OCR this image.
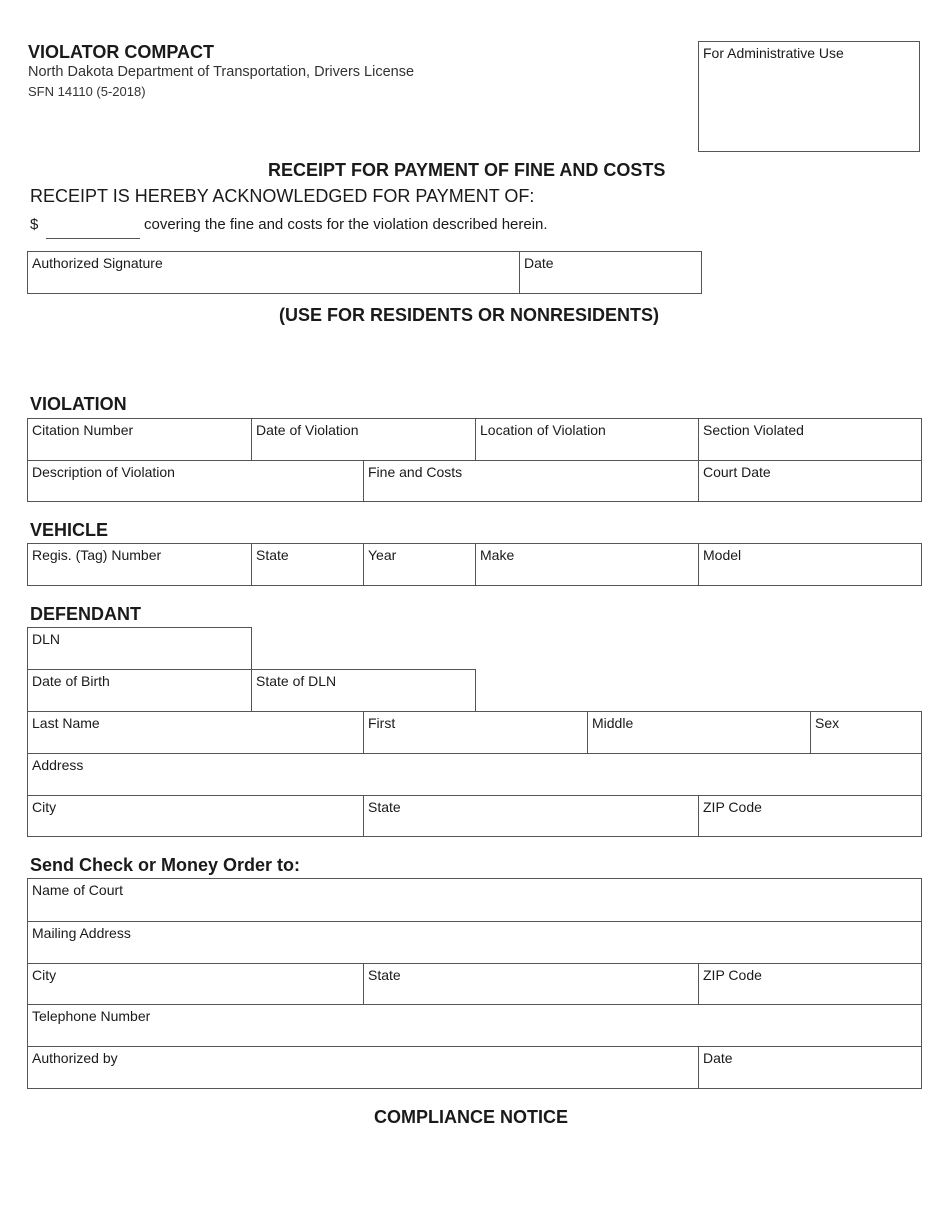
VIOLATOR COMPACT
North Dakota Department of Transportation, Drivers License
SFN 14110 (5-2018)
For Administrative Use
RECEIPT FOR PAYMENT OF FINE AND COSTS
RECEIPT IS HEREBY ACKNOWLEDGED FOR PAYMENT OF:
$	covering the fine and costs for the violation described herein.
Authorized Signature	Date
(USE FOR RESIDENTS OR NONRESIDENTS)
VIOLATION
Citation Number	Date of Violation	Location of Violation	Section Violated
Description of Violation	Fine and Costs	Court Date
VEHICLE
Regis. (Tag) Number	State	Year	Make	Model
DEFENDANT
DLN
Date of Birth	State of DLN
Last Name	First	Middle	Sex
Address
City	State	ZIP Code
Send Check or Money Order to:
Name of Court
Mailing Address
City	State	ZIP Code
Telephone Number
Authorized by	Date
COMPLIANCE NOTICE
